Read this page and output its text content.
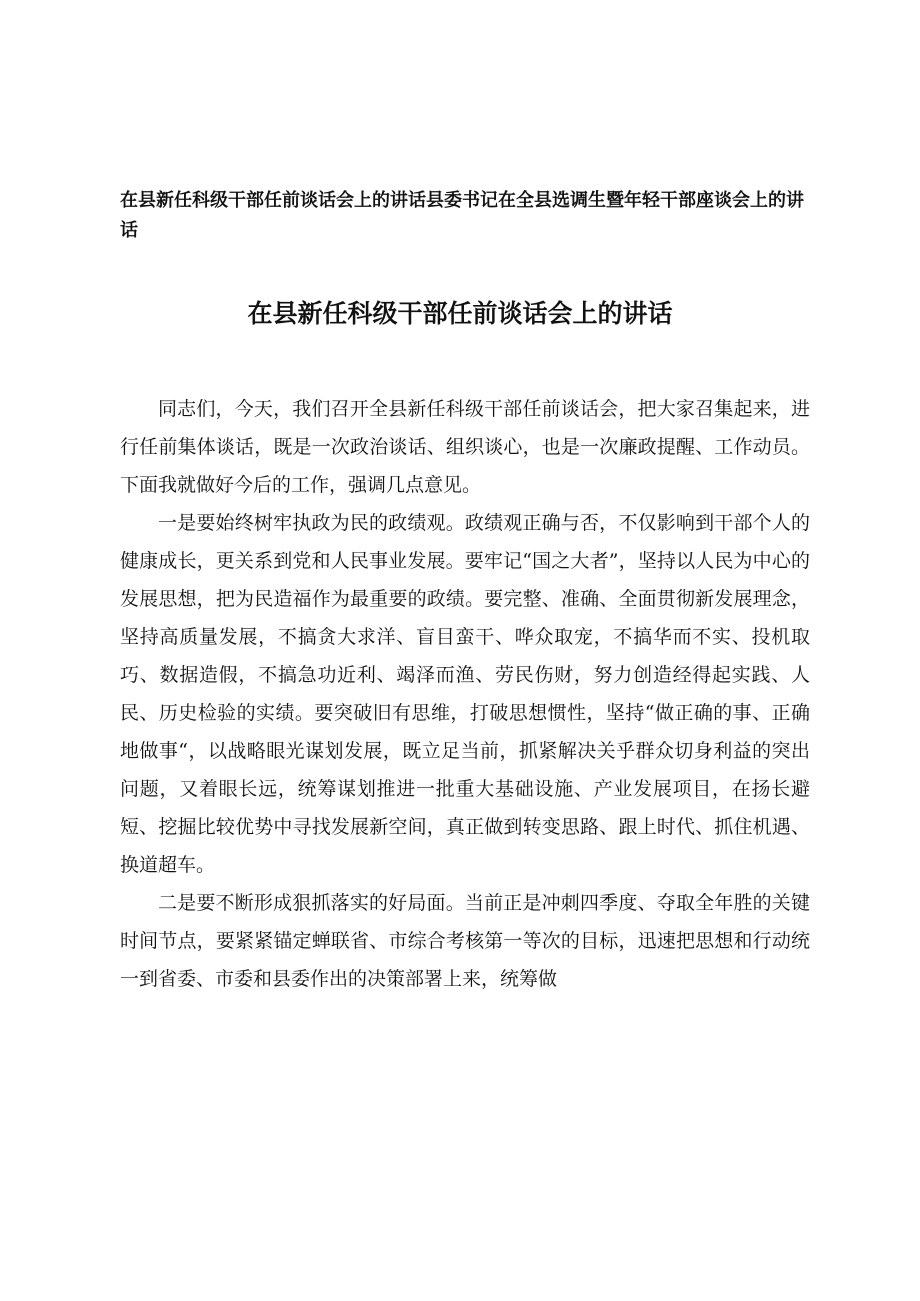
在县新任科级干部任前谈话会上的讲话县委书记在全县选调生暨年轻干部座谈会上的讲话
在县新任科级干部任前谈话会上的讲话

同志们，今天，我们召开全县新任科级干部任前谈话会，把大家召集起来，进行任前集体谈话，既是一次政治谈话、组织谈心，也是一次廉政提醒、工作动员。下面我就做好今后的工作，强调几点意见。

一是要始终树牢执政为民的政绩观。政绩观正确与否，不仅影响到干部个人的健康成长，更关系到党和人民事业发展。要牢记“国之大者”，坚持以人民为中心的发展思想，把为民造福作为最重要的政绩。要完整、准确、全面贯彻新发展理念，坚持高质量发展，不搞贪大求洋、盲目蛮干、哗众取宠，不搞华而不实、投机取巧、数据造假，不搞急功近利、竭泽而渔、劳民伤财，努力创造经得起实践、人民、历史检验的实绩。要突破旧有思维，打破思想惯性，坚持“做正确的事、正确地做事“，以战略眼光谋划发展，既立足当前，抓紧解决关乎群众切身利益的突出问题，又着眼长远，统筹谋划推进一批重大基础设施、产业发展项目，在扬长避短、挖掘比较优势中寻找发展新空间，真正做到转变思路、跟上时代、抓住机遇、换道超车。

二是要不断形成狠抓落实的好局面。当前正是冲刺四季度、夺取全年胜的关键时间节点，要紧紧锚定蝉联省、市综合考核第一等次的目标，迅速把思想和行动统一到省委、市委和县委作出的决策部署上来，统筹做
